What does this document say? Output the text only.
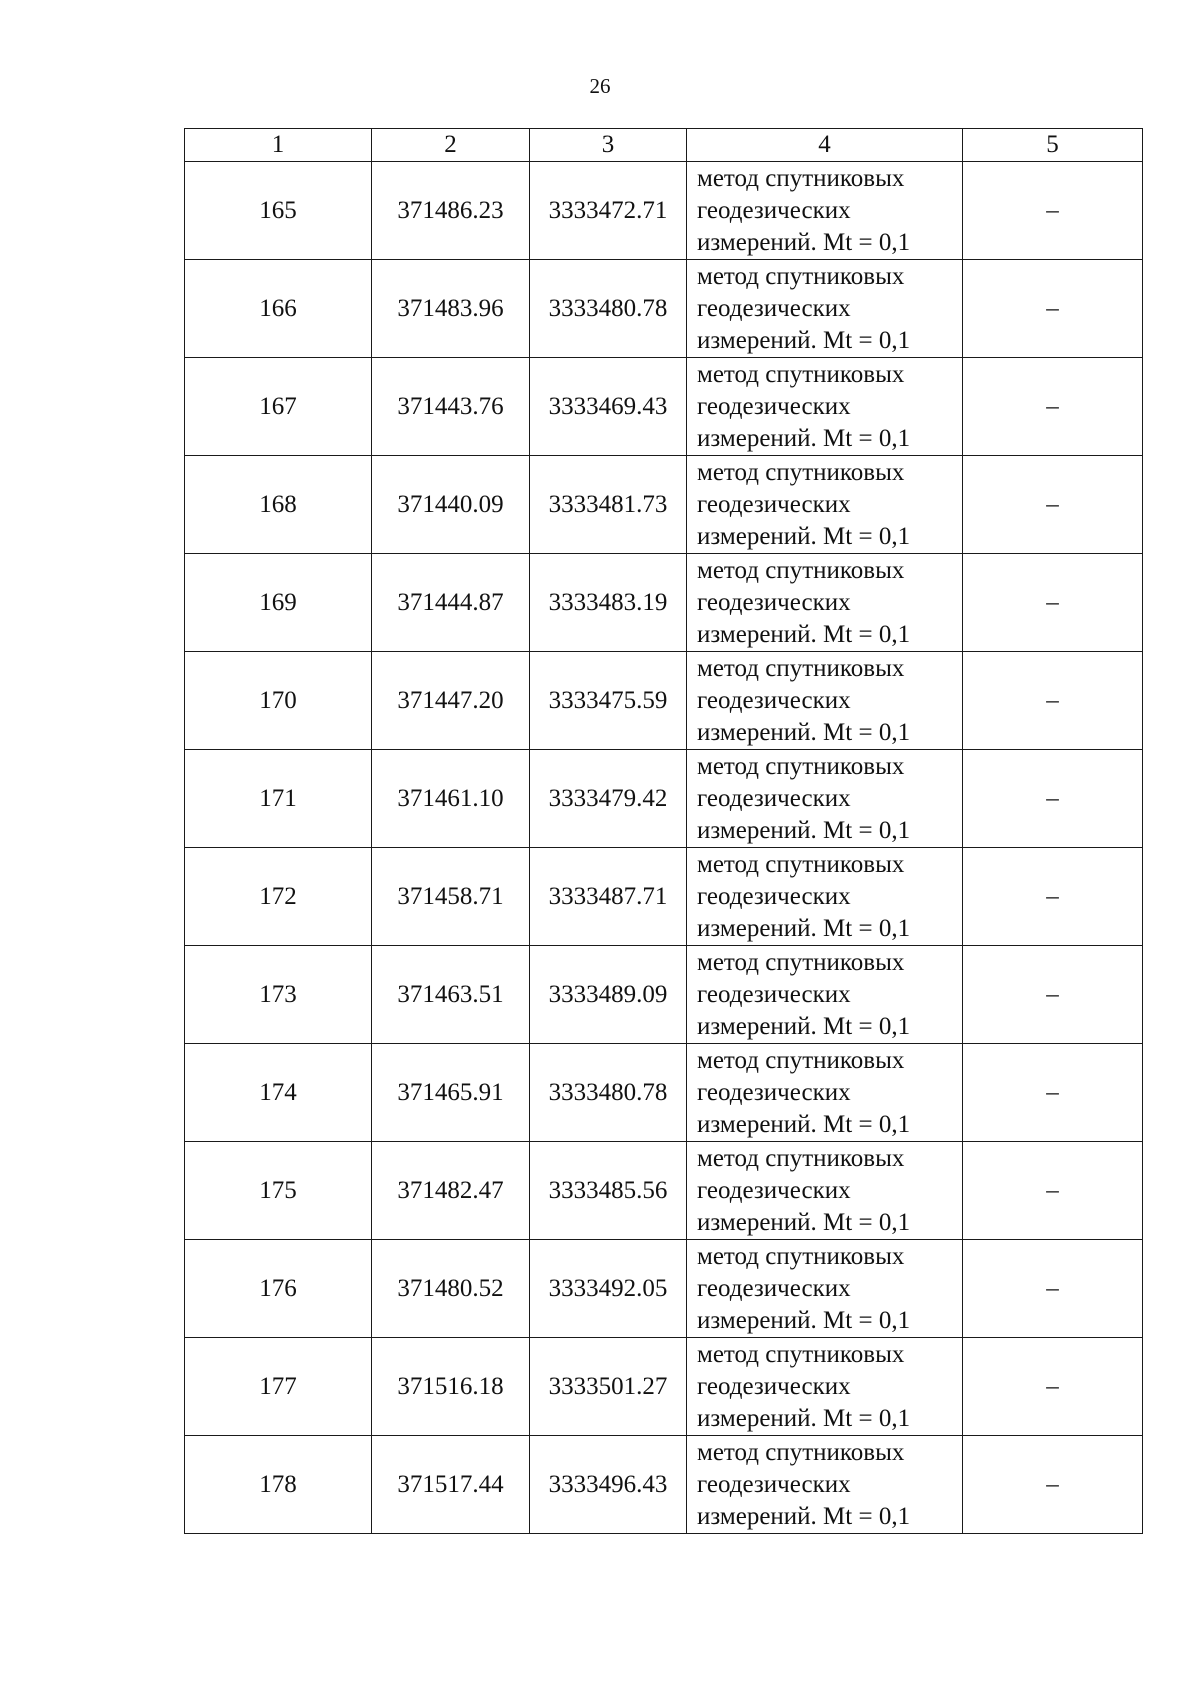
26
1	2	3	4	5
165	371486.23	3333472.71	метод спутниковых
геодезических
измерений. Mt = 0,1	–
166	371483.96	3333480.78	метод спутниковых
геодезических
измерений. Mt = 0,1	–
167	371443.76	3333469.43	метод спутниковых
геодезических
измерений. Mt = 0,1	–
168	371440.09	3333481.73	метод спутниковых
геодезических
измерений. Mt = 0,1	–
169	371444.87	3333483.19	метод спутниковых
геодезических
измерений. Mt = 0,1	–
170	371447.20	3333475.59	метод спутниковых
геодезических
измерений. Mt = 0,1	–
171	371461.10	3333479.42	метод спутниковых
геодезических
измерений. Mt = 0,1	–
172	371458.71	3333487.71	метод спутниковых
геодезических
измерений. Mt = 0,1	–
173	371463.51	3333489.09	метод спутниковых
геодезических
измерений. Mt = 0,1	–
174	371465.91	3333480.78	метод спутниковых
геодезических
измерений. Mt = 0,1	–
175	371482.47	3333485.56	метод спутниковых
геодезических
измерений. Mt = 0,1	–
176	371480.52	3333492.05	метод спутниковых
геодезических
измерений. Mt = 0,1	–
177	371516.18	3333501.27	метод спутниковых
геодезических
измерений. Mt = 0,1	–
178	371517.44	3333496.43	метод спутниковых
геодезических
измерений. Mt = 0,1	–
